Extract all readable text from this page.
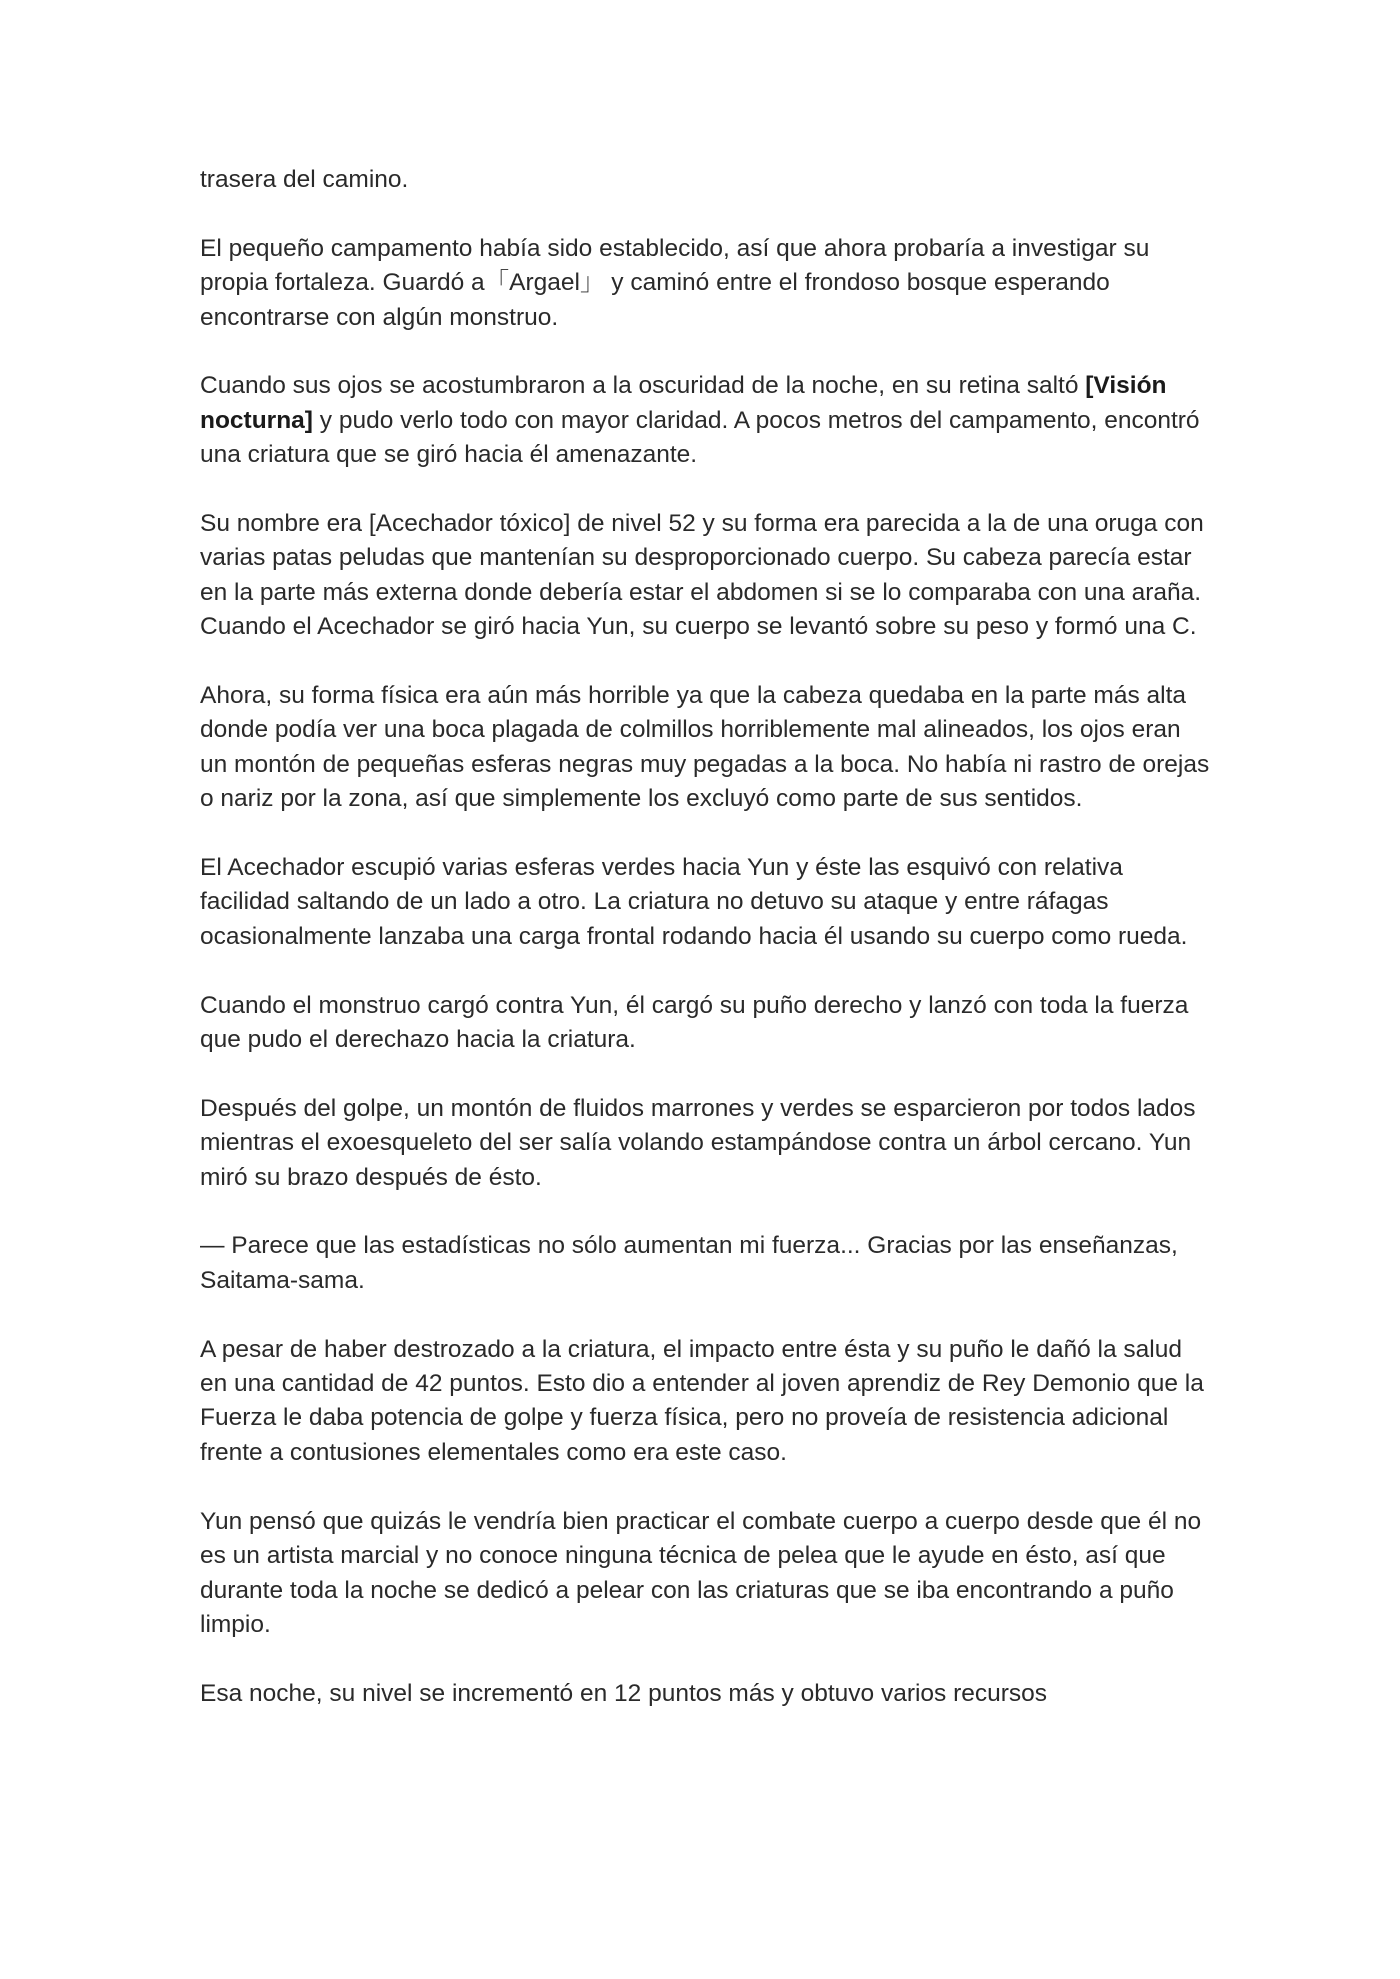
trasera del camino.

El pequeño campamento había sido establecido, así que ahora probaría a investigar su propia fortaleza. Guardó a「Argael」 y caminó entre el frondoso bosque esperando encontrarse con algún monstruo.

Cuando sus ojos se acostumbraron a la oscuridad de la noche, en su retina saltó [Visión nocturna] y pudo verlo todo con mayor claridad. A pocos metros del campamento, encontró una criatura que se giró hacia él amenazante.

Su nombre era [Acechador tóxico] de nivel 52 y su forma era parecida a la de una oruga con varias patas peludas que mantenían su desproporcionado cuerpo. Su cabeza parecía estar en la parte más externa donde debería estar el abdomen si se lo comparaba con una araña. Cuando el Acechador se giró hacia Yun, su cuerpo se levantó sobre su peso y formó una C.

Ahora, su forma física era aún más horrible ya que la cabeza quedaba en la parte más alta donde podía ver una boca plagada de colmillos horriblemente mal alineados, los ojos eran un montón de pequeñas esferas negras muy pegadas a la boca. No había ni rastro de orejas o nariz por la zona, así que simplemente los excluyó como parte de sus sentidos.

El Acechador escupió varias esferas verdes hacia Yun y éste las esquivó con relativa facilidad saltando de un lado a otro. La criatura no detuvo su ataque y entre ráfagas ocasionalmente lanzaba una carga frontal rodando hacia él usando su cuerpo como rueda.

Cuando el monstruo cargó contra Yun, él cargó su puño derecho y lanzó con toda la fuerza que pudo el derechazo hacia la criatura.

Después del golpe, un montón de fluidos marrones y verdes se esparcieron por todos lados mientras el exoesqueleto del ser salía volando estampándose contra un árbol cercano. Yun miró su brazo después de ésto.

— Parece que las estadísticas no sólo aumentan mi fuerza... Gracias por las enseñanzas, Saitama-sama.

A pesar de haber destrozado a la criatura, el impacto entre ésta y su puño le dañó la salud en una cantidad de 42 puntos. Esto dio a entender al joven aprendiz de Rey Demonio que la Fuerza le daba potencia de golpe y fuerza física, pero no proveía de resistencia adicional frente a contusiones elementales como era este caso.

Yun pensó que quizás le vendría bien practicar el combate cuerpo a cuerpo desde que él no es un artista marcial y no conoce ninguna técnica de pelea que le ayude en ésto, así que durante toda la noche se dedicó a pelear con las criaturas que se iba encontrando a puño limpio.

Esa noche, su nivel se incrementó en 12 puntos más y obtuvo varios recursos
